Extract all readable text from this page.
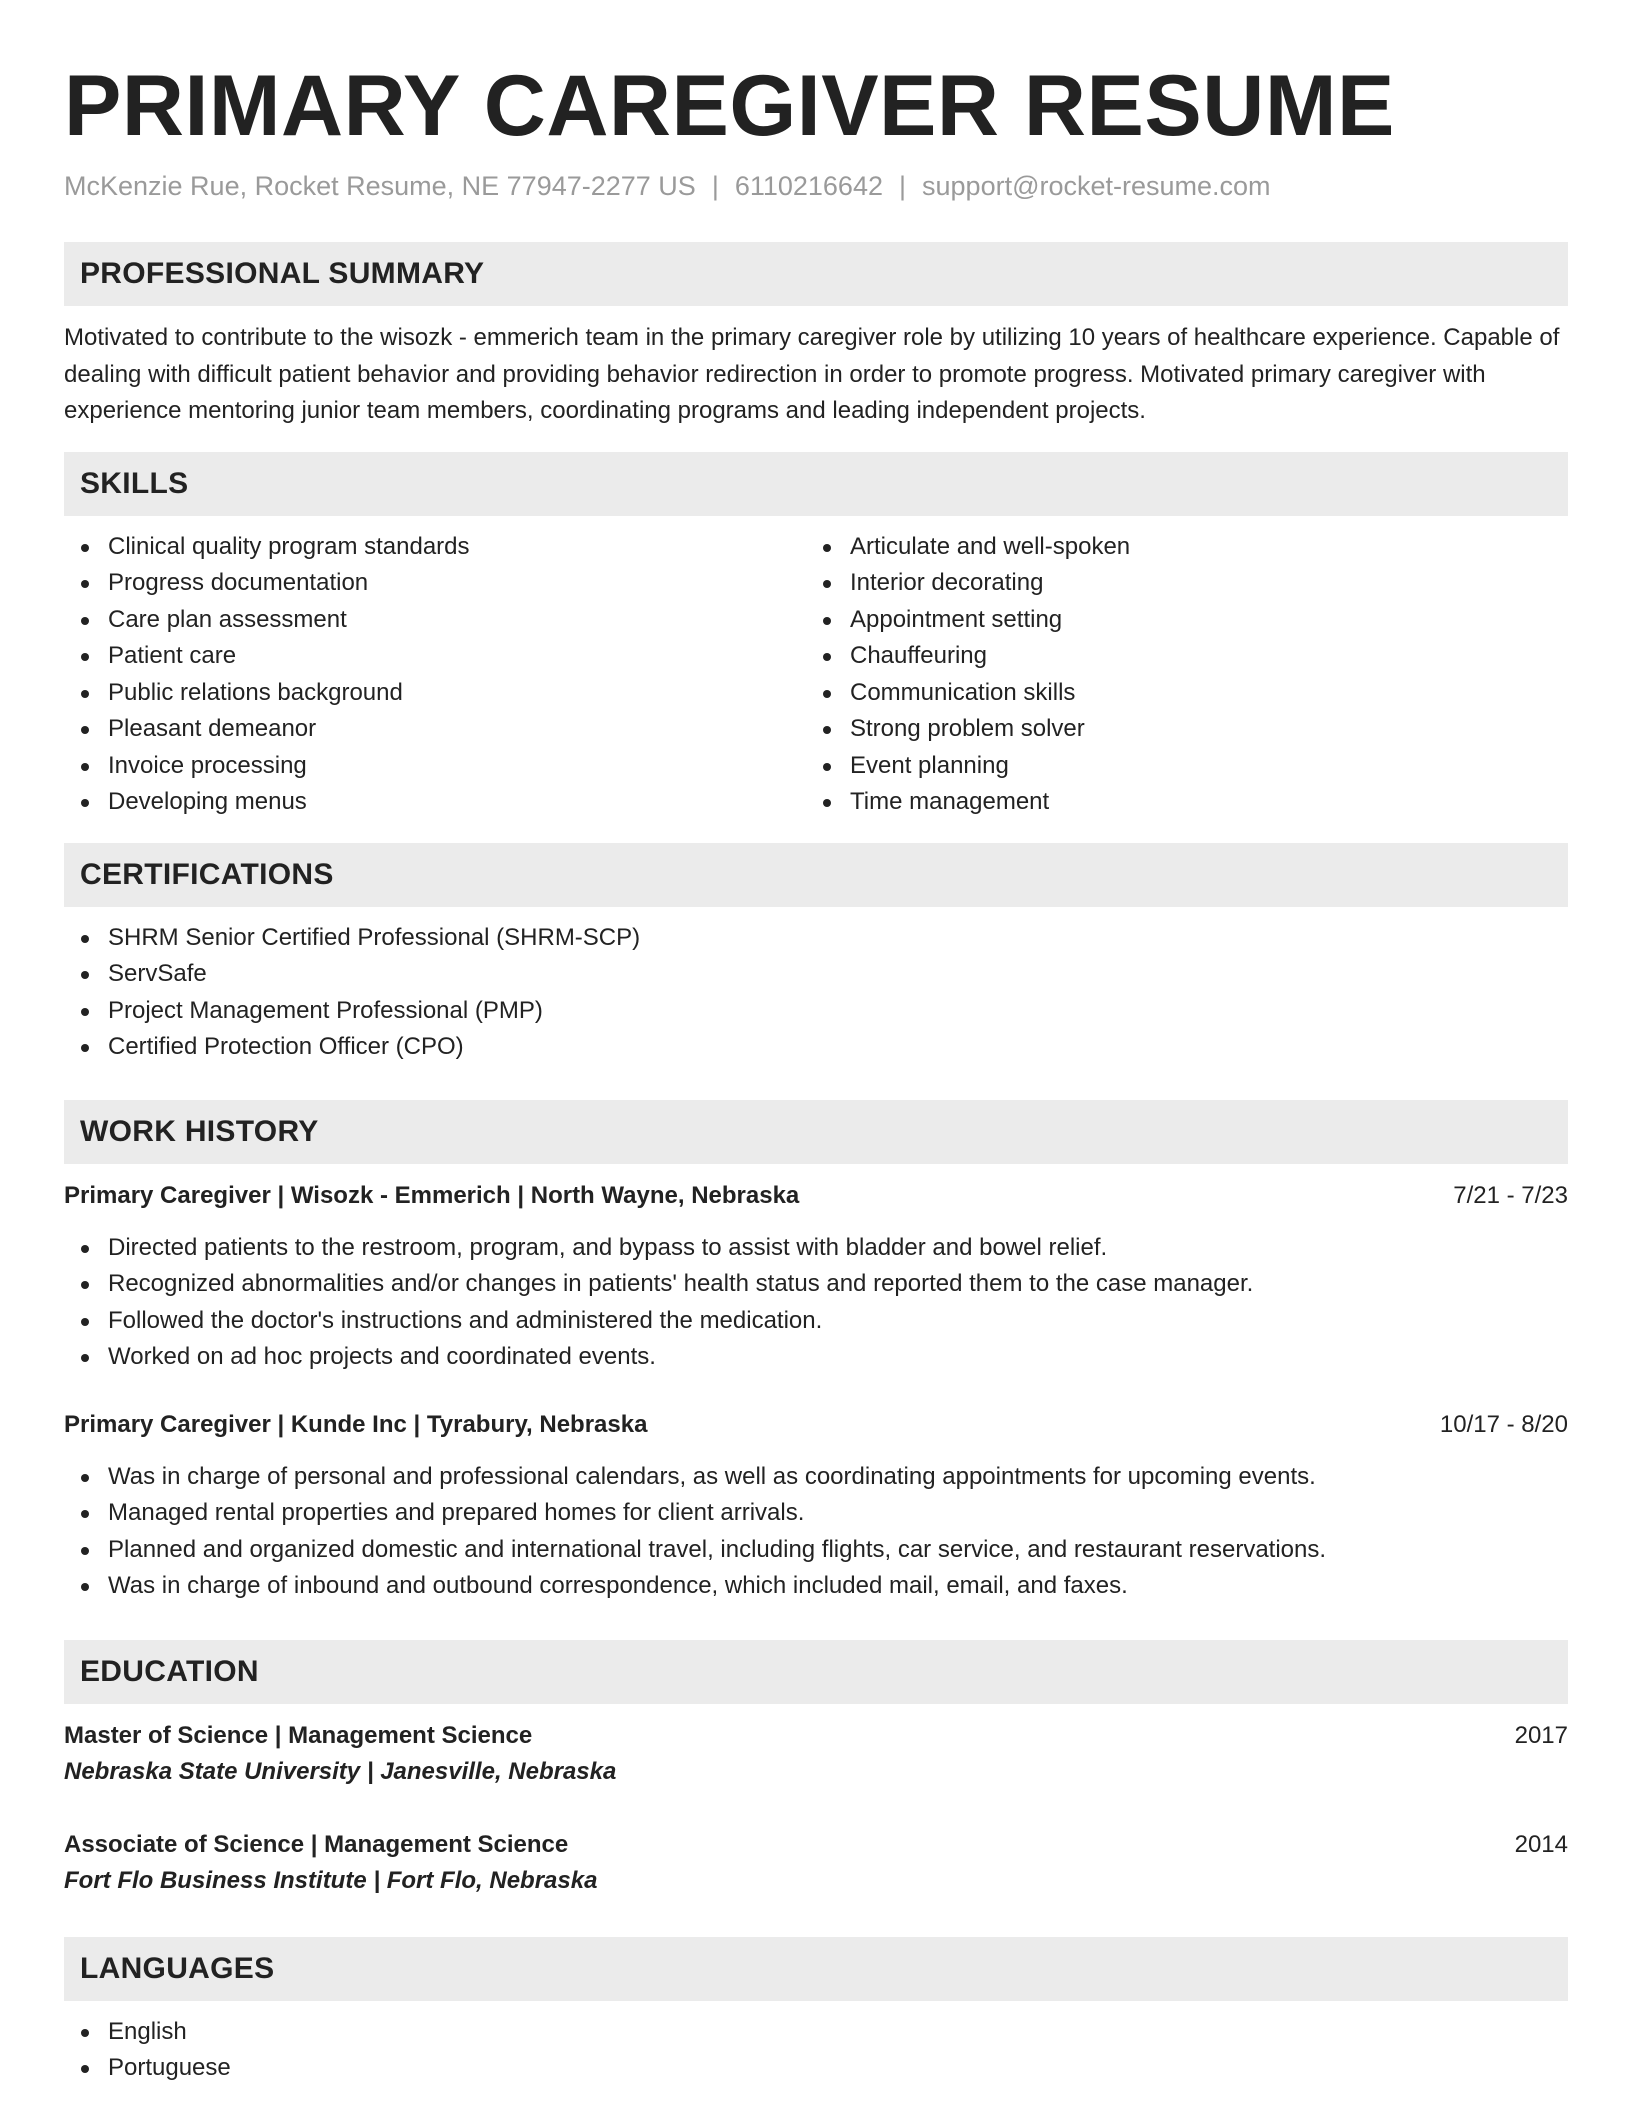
PRIMARY CAREGIVER RESUME
McKenzie Rue, Rocket Resume, NE 77947-2277 US | 6110216642 | support@rocket-resume.com
PROFESSIONAL SUMMARY

Motivated to contribute to the wisozk - emmerich team in the primary caregiver role by utilizing 10 years of healthcare experience. Capable of dealing with difficult patient behavior and providing behavior redirection in order to promote progress. Motivated primary caregiver with experience mentoring junior team members, coordinating programs and leading independent projects.

SKILLS
Clinical quality program standards
Progress documentation
Care plan assessment
Patient care
Public relations background
Pleasant demeanor
Invoice processing
Developing menus
Articulate and well-spoken
Interior decorating
Appointment setting
Chauffeuring
Communication skills
Strong problem solver
Event planning
Time management
CERTIFICATIONS
SHRM Senior Certified Professional (SHRM-SCP)
ServSafe
Project Management Professional (PMP)
Certified Protection Officer (CPO)
WORK HISTORY
Primary Caregiver | Wisozk - Emmerich | North Wayne, Nebraska	7/21 - 7/23
Directed patients to the restroom, program, and bypass to assist with bladder and bowel relief.
Recognized abnormalities and/or changes in patients' health status and reported them to the case manager.
Followed the doctor's instructions and administered the medication.
Worked on ad hoc projects and coordinated events.
Primary Caregiver | Kunde Inc | Tyrabury, Nebraska	10/17 - 8/20
Was in charge of personal and professional calendars, as well as coordinating appointments for upcoming events.
Managed rental properties and prepared homes for client arrivals.
Planned and organized domestic and international travel, including flights, car service, and restaurant reservations.
Was in charge of inbound and outbound correspondence, which included mail, email, and faxes.
EDUCATION
Master of Science | Management Science	2017
Nebraska State University | Janesville, Nebraska
Associate of Science | Management Science	2014
Fort Flo Business Institute | Fort Flo, Nebraska
LANGUAGES
English
Portuguese
